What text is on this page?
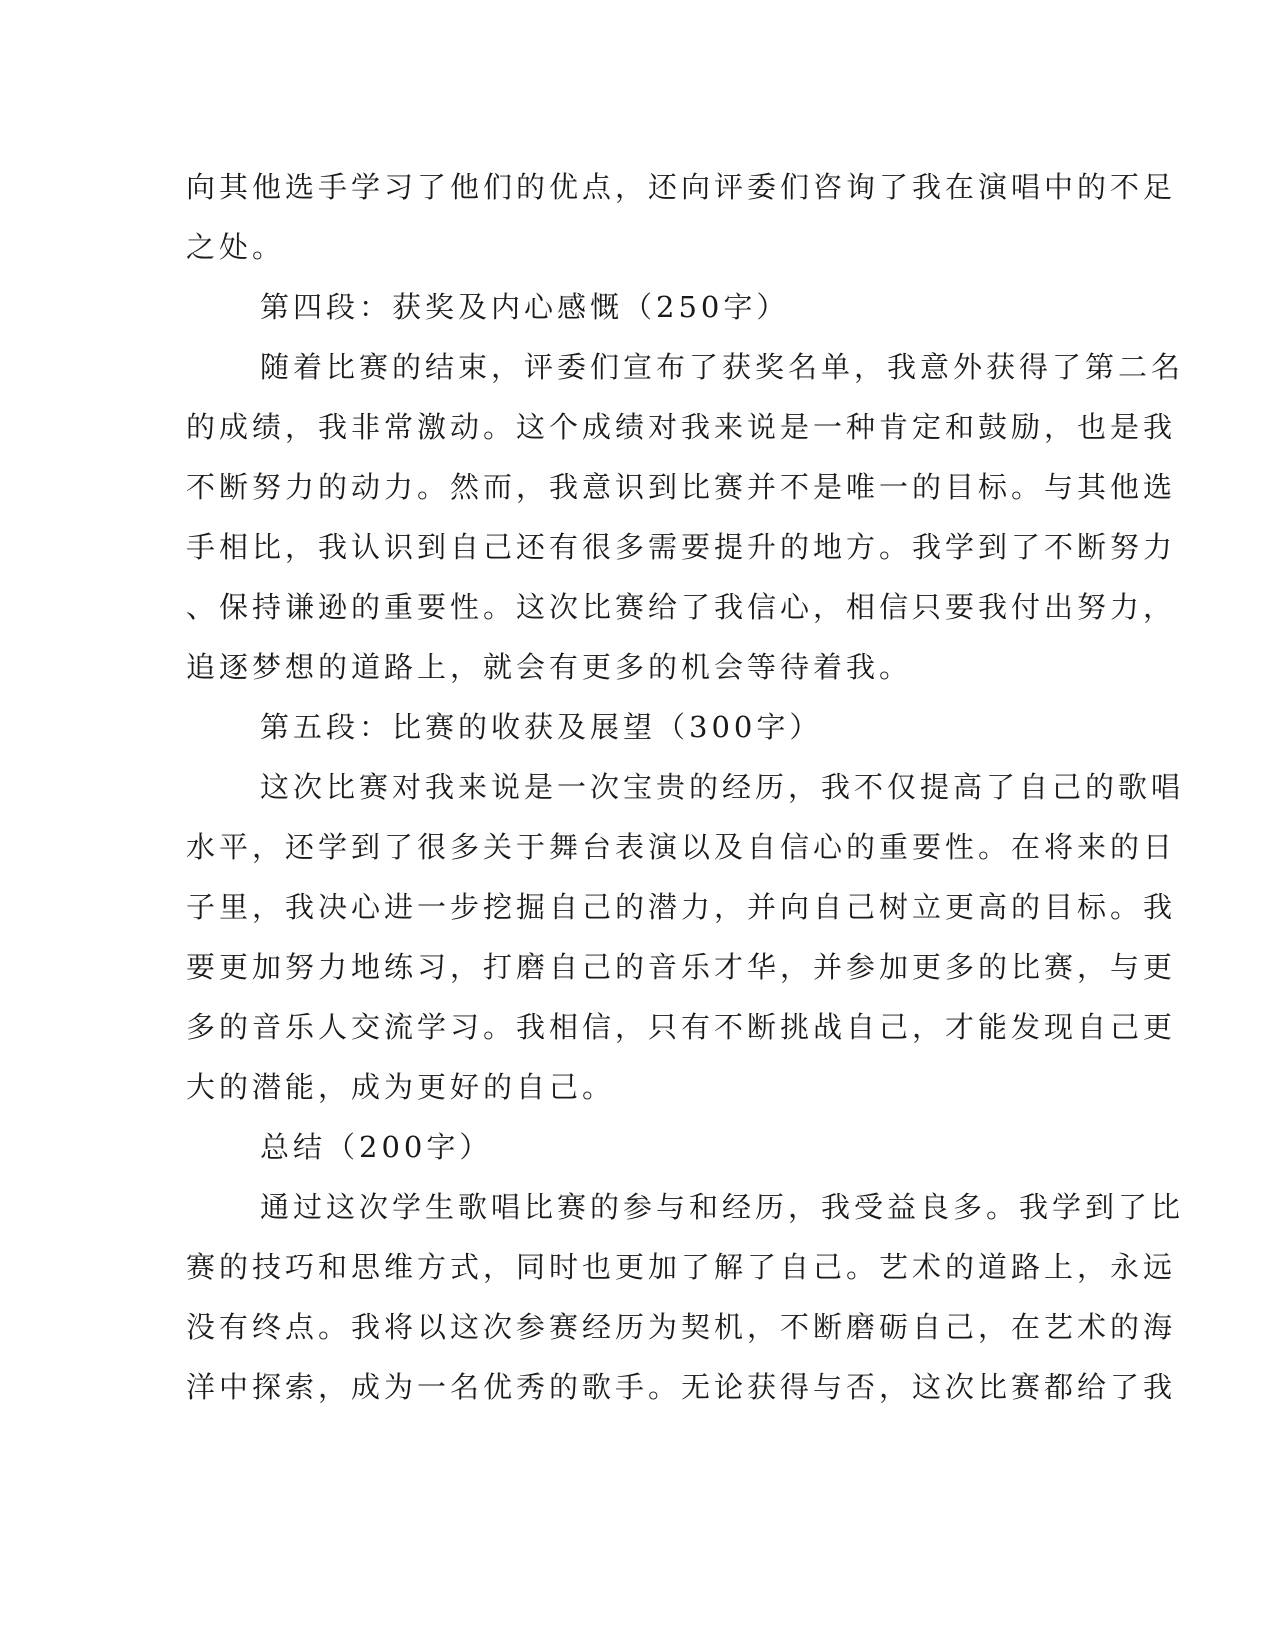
向其他选手学习了他们的优点，还向评委们咨询了我在演唱中的不足
之处。
第四段：获奖及内心感慨（250字）
随着比赛的结束，评委们宣布了获奖名单，我意外获得了第二名
的成绩，我非常激动。这个成绩对我来说是一种肯定和鼓励，也是我
不断努力的动力。然而，我意识到比赛并不是唯一的目标。与其他选
手相比，我认识到自己还有很多需要提升的地方。我学到了不断努力
、保持谦逊的重要性。这次比赛给了我信心，相信只要我付出努力，
追逐梦想的道路上，就会有更多的机会等待着我。
第五段：比赛的收获及展望（300字）
这次比赛对我来说是一次宝贵的经历，我不仅提高了自己的歌唱
水平，还学到了很多关于舞台表演以及自信心的重要性。在将来的日
子里，我决心进一步挖掘自己的潜力，并向自己树立更高的目标。我
要更加努力地练习，打磨自己的音乐才华，并参加更多的比赛，与更
多的音乐人交流学习。我相信，只有不断挑战自己，才能发现自己更
大的潜能，成为更好的自己。
总结（200字）
通过这次学生歌唱比赛的参与和经历，我受益良多。我学到了比
赛的技巧和思维方式，同时也更加了解了自己。艺术的道路上，永远
没有终点。我将以这次参赛经历为契机，不断磨砺自己，在艺术的海
洋中探索，成为一名优秀的歌手。无论获得与否，这次比赛都给了我
